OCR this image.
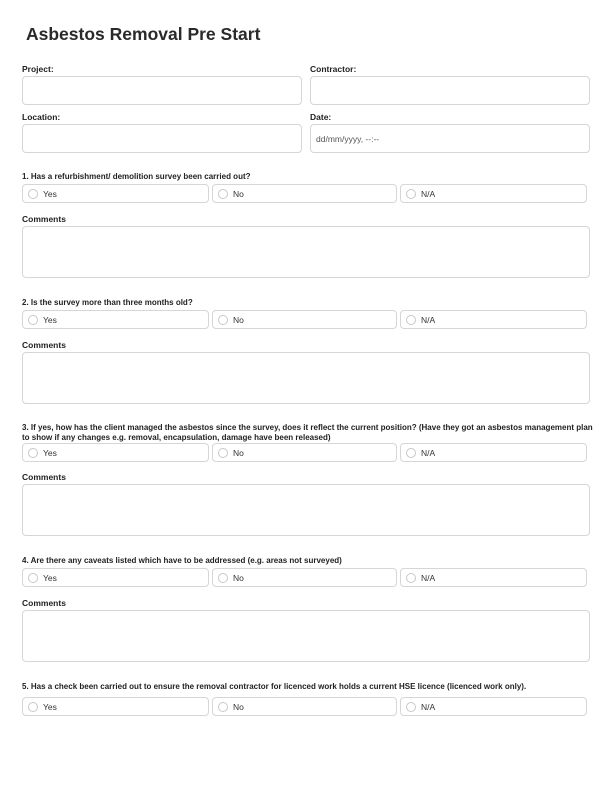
Asbestos Removal Pre Start
Project:	Contractor:
Location:	Date:
dd/mm/yyyy, --:--
1. Has a refurbishment/ demolition survey been carried out?
Yes	No	N/A
Comments
2. Is the survey more than three months old?
Yes	No	N/A
Comments
3. If yes, how has the client managed the asbestos since the survey, does it reflect the current position? (Have they got an asbestos management plan to show if any changes e.g. removal, encapsulation, damage have been released)
Yes	No	N/A
Comments
4. Are there any caveats listed which have to be addressed (e.g. areas not surveyed)
Yes	No	N/A
Comments
5. Has a check been carried out to ensure the removal contractor for licenced work holds a current HSE licence (licenced work only).
Yes	No	N/A
